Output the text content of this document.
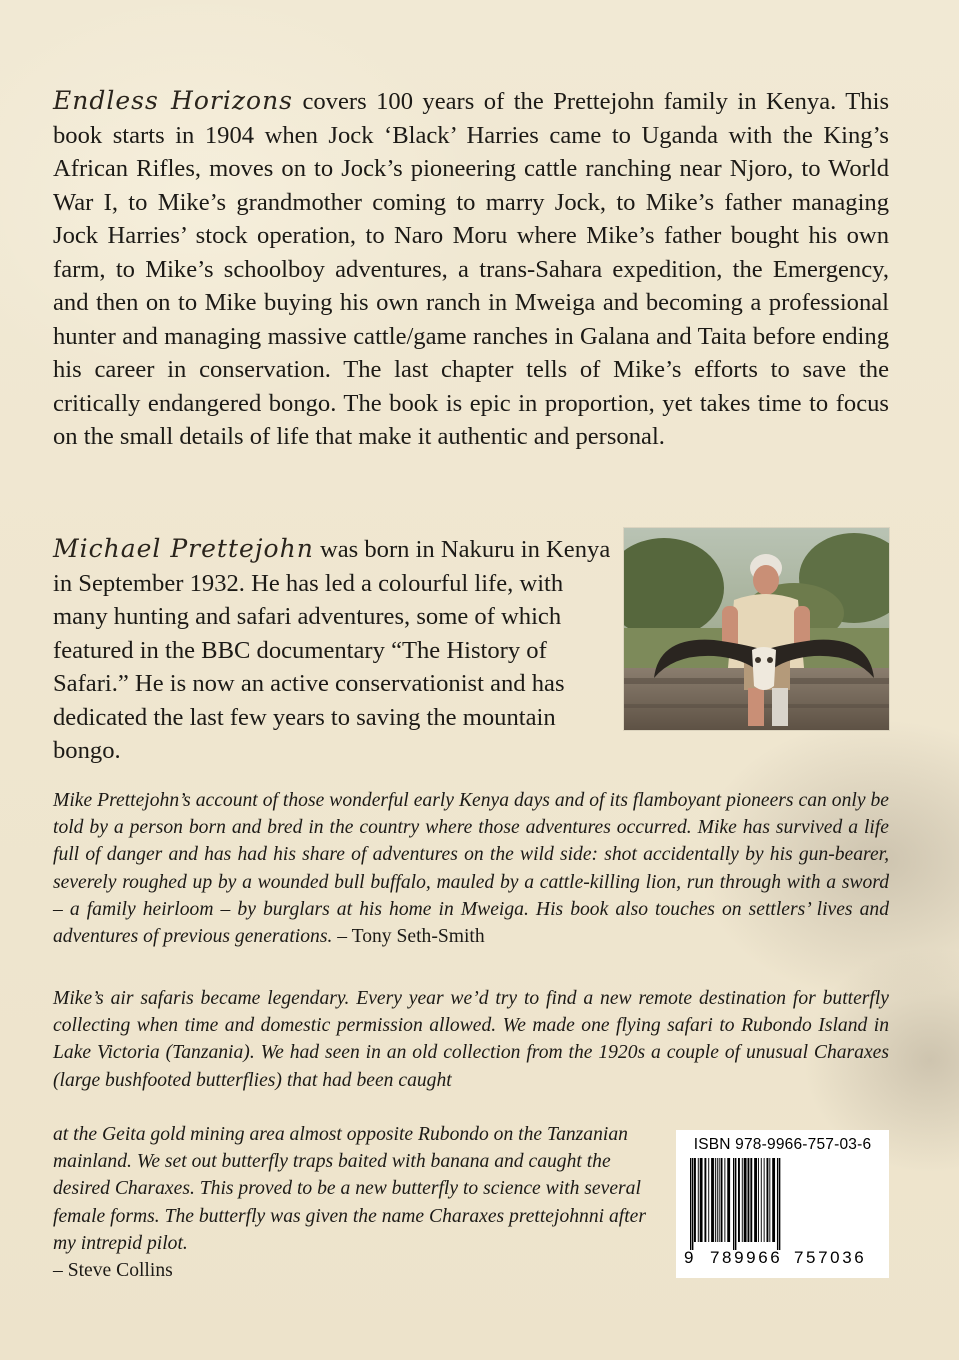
Endless Horizons covers 100 years of the Prettejohn family in Kenya. This book starts in 1904 when Jock ‘Black’ Harries came to Uganda with the King’s African Rifles, moves on to Jock’s pioneering cattle ranching near Njoro, to World War I, to Mike’s grandmother coming to marry Jock, to Mike’s father managing Jock Harries’ stock operation, to Naro Moru where Mike’s father bought his own farm, to Mike’s schoolboy adventures, a trans-Sahara expedition, the Emergency, and then on to Mike buying his own ranch in Mweiga and becoming a professional hunter and managing massive cattle/game ranches in Galana and Taita before ending his career in conservation. The last chapter tells of Mike’s efforts to save the critically endangered bongo. The book is epic in proportion, yet takes time to focus on the small details of life that make it authentic and personal.
Michael Prettejohn was born in Nakuru in Kenya in September 1932. He has led a colourful life, with many hunting and safari adventures, some of which featured in the BBC documentary “The History of Safari.” He is now an active conservationist and has dedicated the last few years to saving the mountain bongo.
Mike Prettejohn’s account of those wonderful early Kenya days and of its flamboyant pioneers can only be told by a person born and bred in the country where those adventures occurred. Mike has survived a life full of danger and has had his share of adventures on the wild side: shot accidentally by his gun-bearer, severely roughed up by a wounded bull buffalo, mauled by a cattle-killing lion, run through with a sword – a family heirloom – by burglars at his home in Mweiga. His book also touches on settlers’ lives and adventures of previous generations. – Tony Seth-Smith
Mike’s air safaris became legendary. Every year we’d try to find a new remote destination for butterfly collecting when time and domestic permission allowed. We made one flying safari to Rubondo Island in Lake Victoria (Tanzania). We had seen in an old collection from the 1920s a couple of unusual Charaxes (large bushfooted butterflies) that had been caught
at the Geita gold mining area almost opposite Rubondo on the Tanzanian mainland. We set out butterfly traps baited with banana and caught the desired Charaxes. This proved to be a new butterfly to science with several female forms. The butterfly was given the name Charaxes prettejohnni after my intrepid pilot.
– Steve Collins
ISBN 978-9966-757-03-6
9 789966 757036
